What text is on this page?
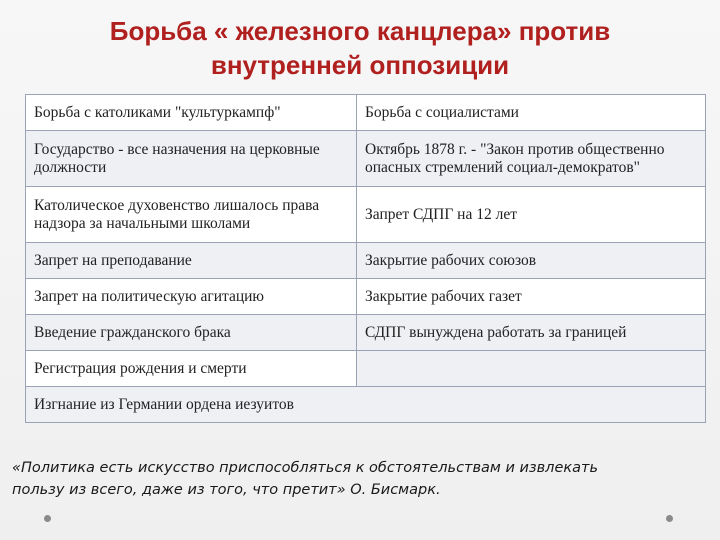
Борьба « железного канцлера» против
внутренней оппозиции
Борьба с католиками "культуркампф"	Борьба с социалистами
Государство - все назначения на церковные должности	Октябрь 1878 г. - "Закон против общественно опасных стремлений социал-демократов"
Католическое духовенство лишалось права надзора за начальными школами	Запрет СДПГ на 12 лет
Запрет на преподавание	Закрытие рабочих союзов
Запрет на политическую агитацию	Закрытие рабочих газет
Введение гражданского брака	СДПГ вынуждена работать за границей
Регистрация рождения и смерти	
Изгнание из Германии ордена иезуитов	
«Политика есть искусство приспособляться к обстоятельствам и извлекать
пользу из всего, даже из того, что претит» О. Бисмарк.
